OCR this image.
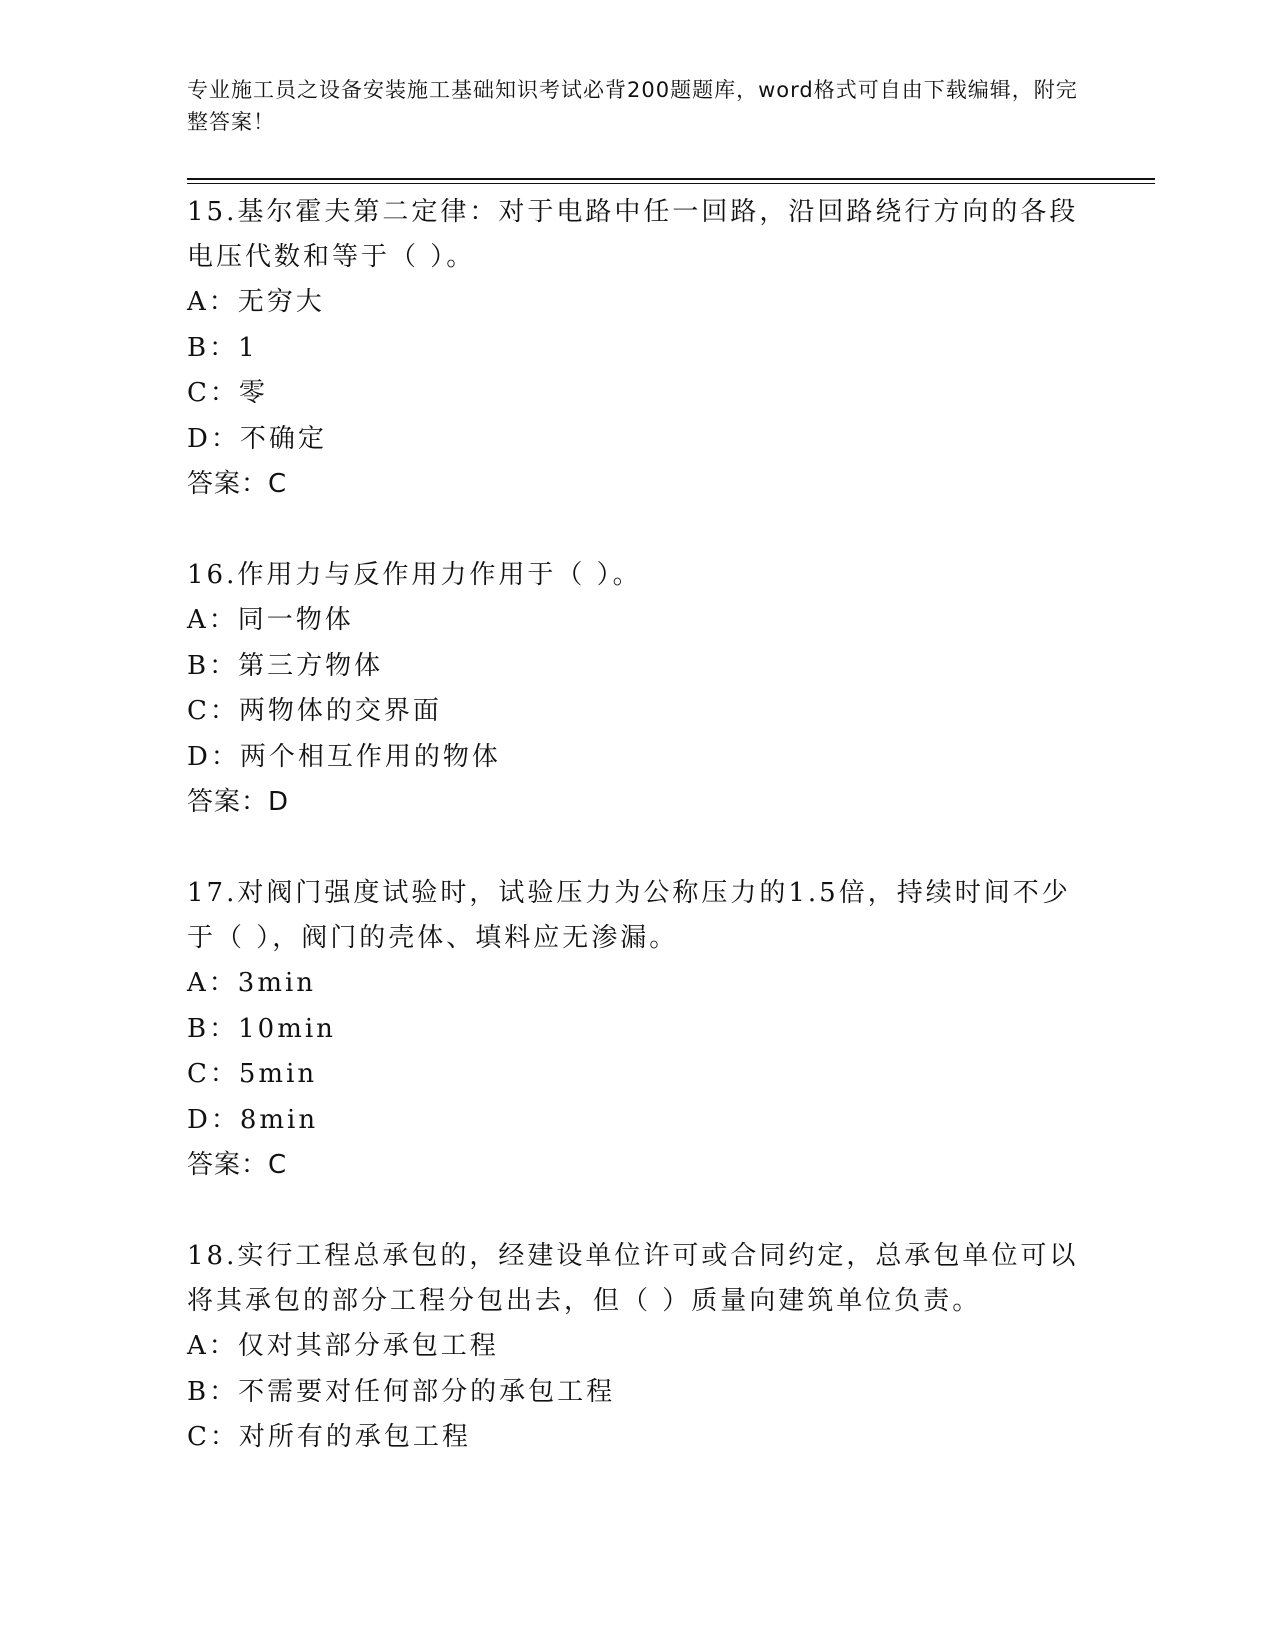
专业施工员之设备安装施工基础知识考试必背200题题库，word格式可自由下载编辑，附完整答案！
15.基尔霍夫第二定律：对于电路中任一回路，沿回路绕行方向的各段电压代数和等于（ ）。
A：无穷大
B：1
C：零
D：不确定
答案：C
16.作用力与反作用力作用于（ ）。
A：同一物体
B：第三方物体
C：两物体的交界面
D：两个相互作用的物体
答案：D
17.对阀门强度试验时，试验压力为公称压力的1.5倍，持续时间不少于（ ），阀门的壳体、填料应无渗漏。
A：3min
B：10min
C：5min
D：8min
答案：C
18.实行工程总承包的，经建设单位许可或合同约定，总承包单位可以将其承包的部分工程分包出去，但（ ）质量向建筑单位负责。
A：仅对其部分承包工程
B：不需要对任何部分的承包工程
C：对所有的承包工程
